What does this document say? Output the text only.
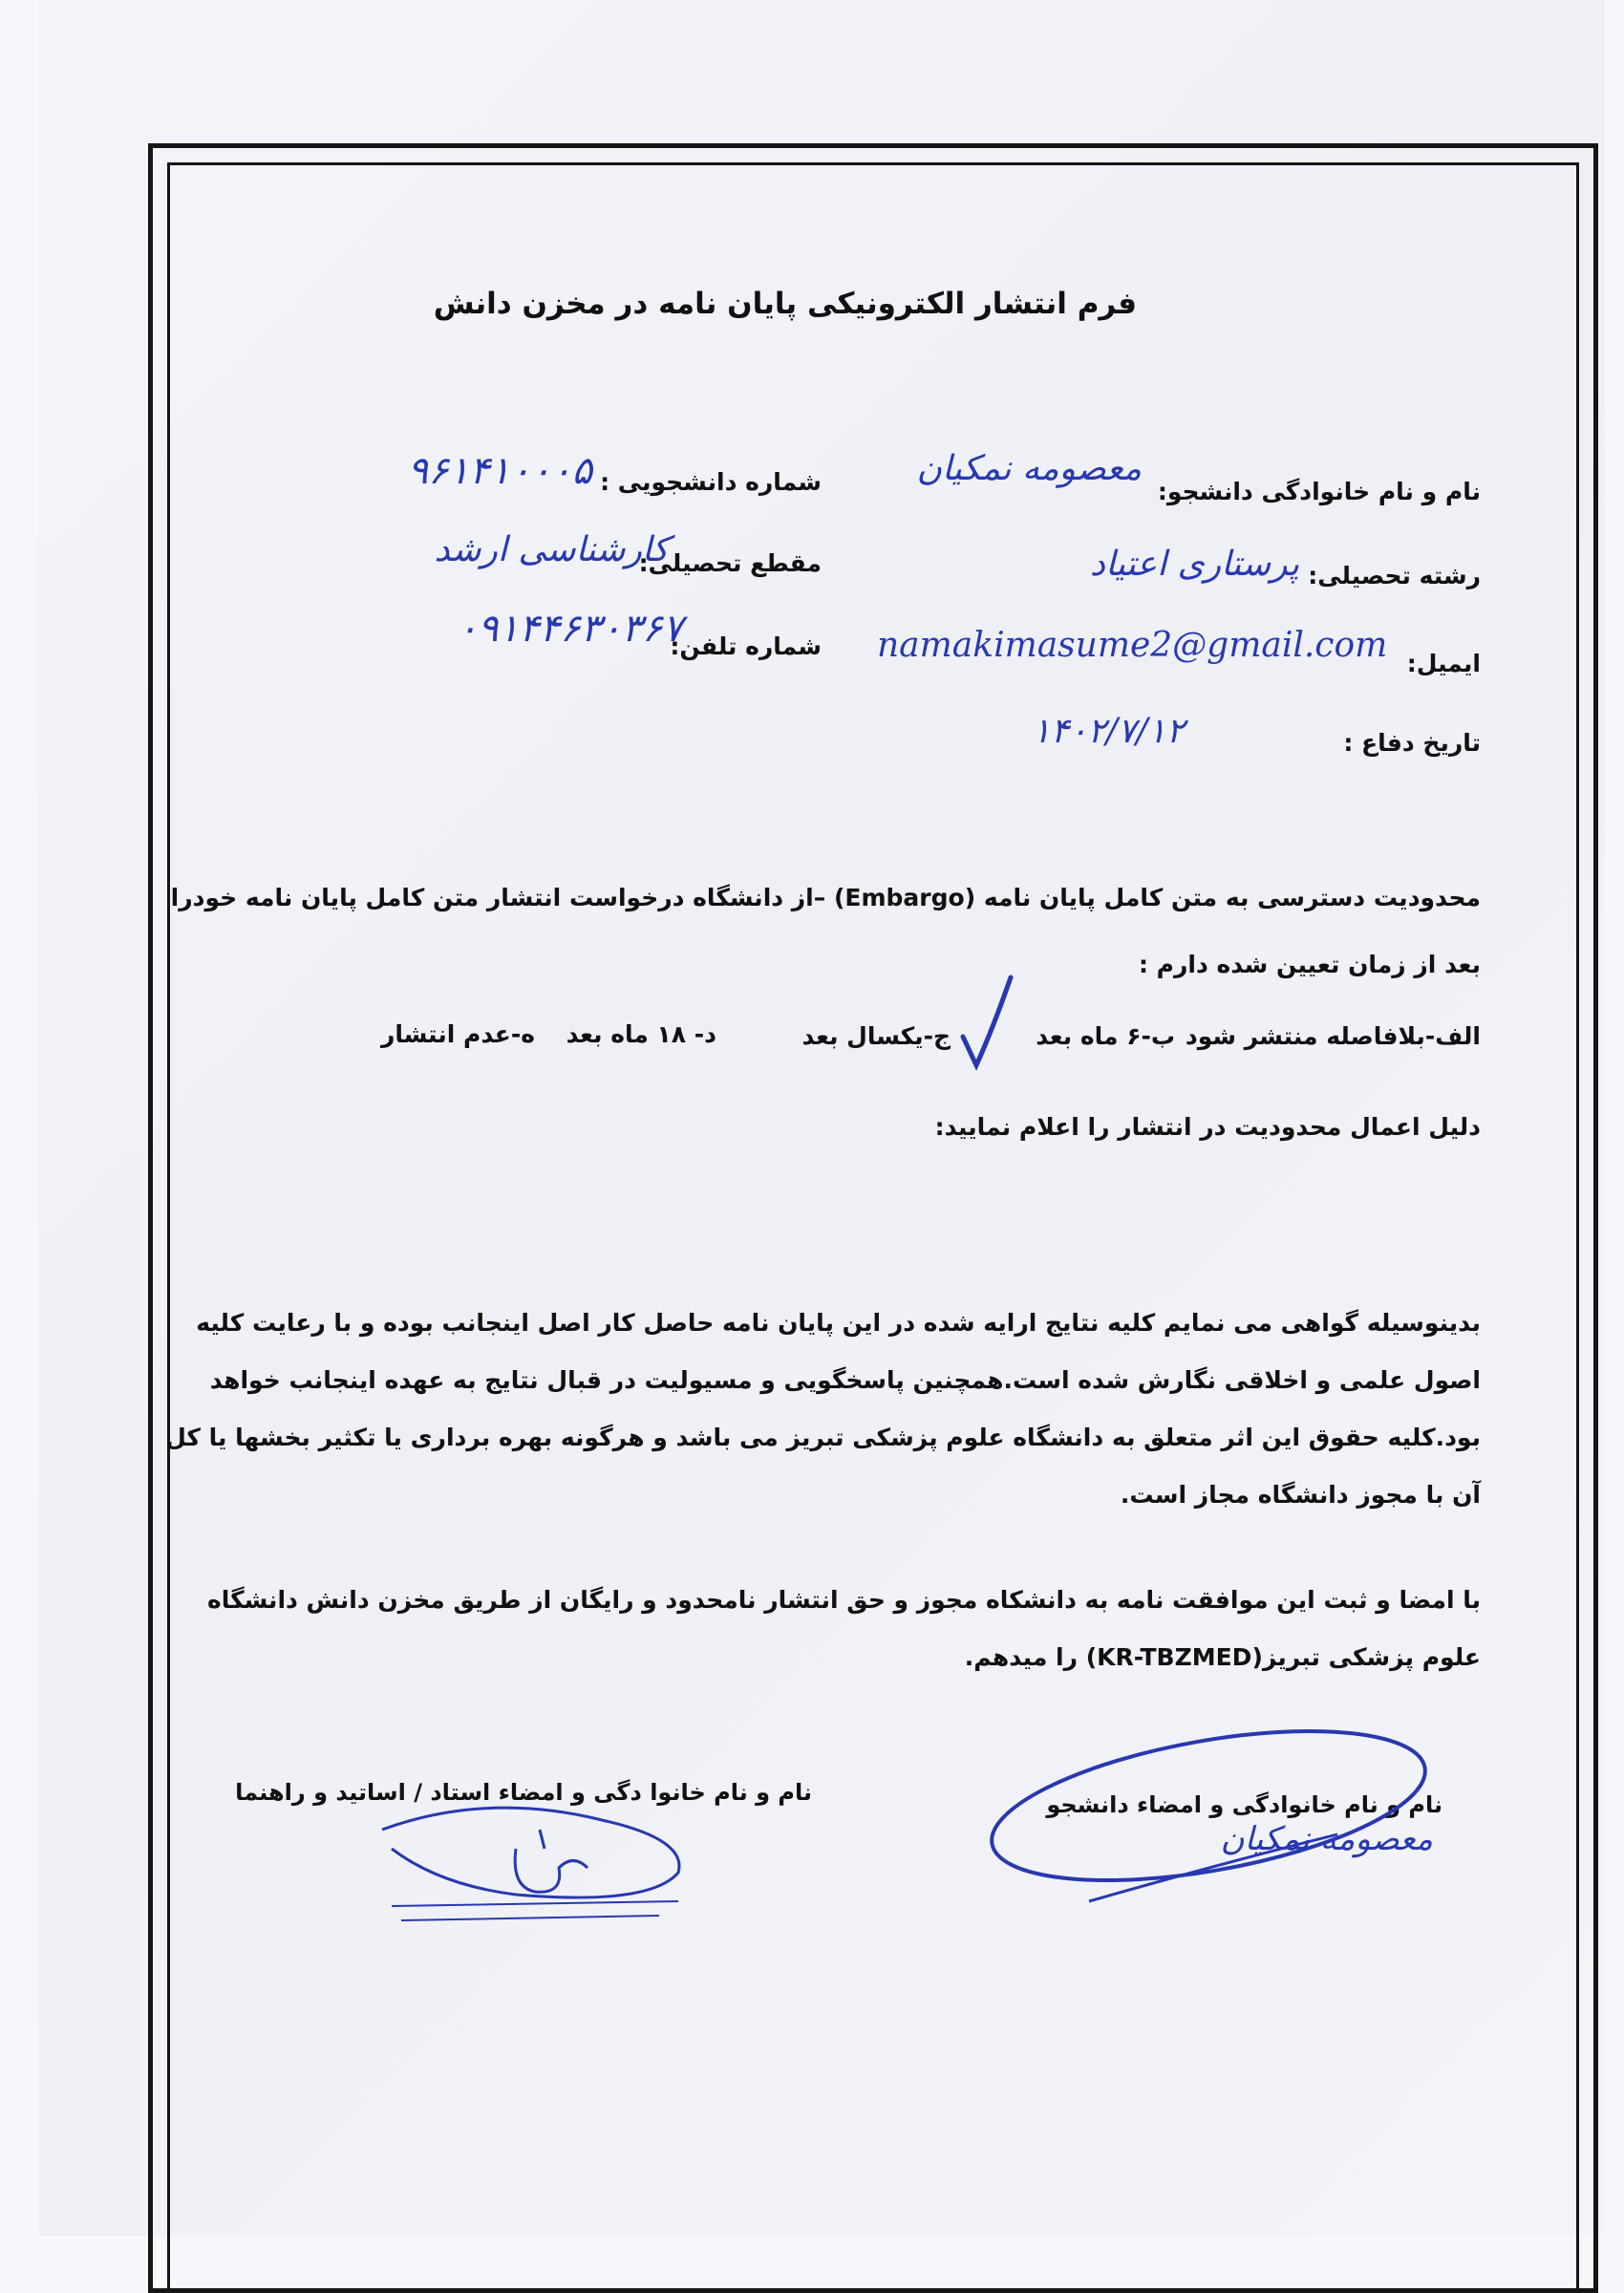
فرم انتشار الکترونیکی پایان نامه در مخزن دانش
نام و نام خانوادگی دانشجو:
معصومه نمکیان
رشته تحصیلی:
پرستاری اعتیاد
ایمیل:
namakimasume2@gmail.com
تاریخ دفاع :
۱۴۰۲/۷/۱۲
شماره دانشجویی :
۹۶۱۴۱۰۰۰۵
مقطع تحصیلی:
کارشناسی ارشد
شماره تلفن:
۰۹۱۴۴۶۳۰۳۶۷
محدودیت دسترسی به متن کامل پایان نامه (Embargo) –از دانشگاه درخواست انتشار متن کامل پایان نامه خودرا
بعد از زمان تعیین شده دارم :
الف-بلافاصله منتشر شود
ب-۶ ماه بعد
ج-یکسال بعد
د- ۱۸ ماه بعد
ه-عدم انتشار
دلیل اعمال محدودیت در انتشار را اعلام نمایید:
بدینوسیله گواهی می نمایم کلیه نتایج ارایه شده در این پایان نامه حاصل کار اصل اینجانب بوده و با رعایت کلیه اصول علمی و اخلاقی نگارش شده است.همچنین پاسخگویی و مسیولیت در قبال نتایج به عهده اینجانب خواهد بود.کلیه حقوق این اثر متعلق به دانشگاه علوم پزشکی تبریز می باشد و هرگونه بهره برداری یا تکثیر بخشها یا کل آن با مجوز دانشگاه مجاز است.
با امضا و ثبت این موافقت نامه به دانشکاه مجوز و حق انتشار نامحدود و رایگان از طریق مخزن دانش دانشگاه علوم پزشکی تبریز(KR-TBZMED) را میدهم.
نام و نام خانوادگی و امضاء دانشجو
نام و نام خانوا دگی و امضاء استاد / اساتید و راهنما
معصومه نمکیان
